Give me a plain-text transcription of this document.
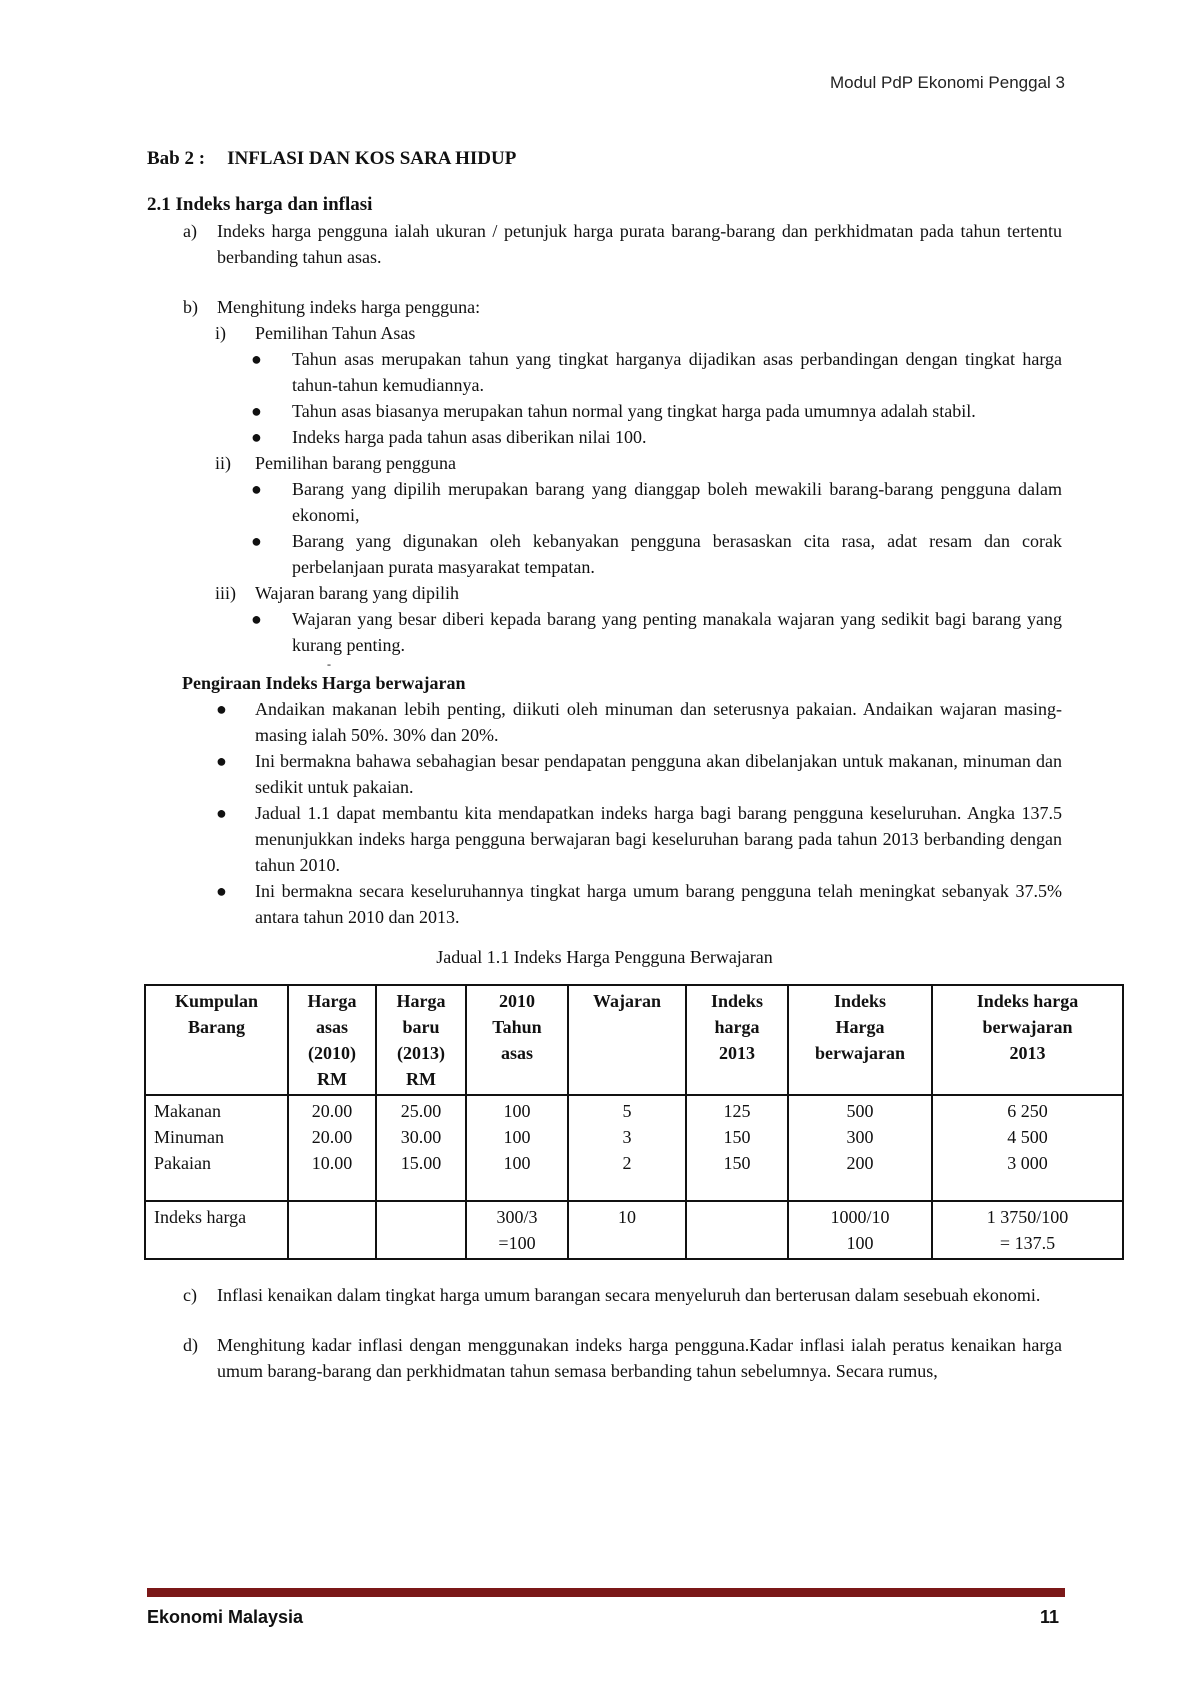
Modul PdP Ekonomi Penggal 3
Bab 2 : INFLASI DAN KOS SARA HIDUP
2.1 Indeks harga dan inflasi
a) Indeks harga pengguna ialah ukuran / petunjuk harga purata barang-barang dan perkhidmatan pada tahun tertentu berbanding tahun asas.
b) Menghitung indeks harga pengguna:
i) Pemilihan Tahun Asas
● Tahun asas merupakan tahun yang tingkat harganya dijadikan asas perbandingan dengan tingkat harga tahun-tahun kemudiannya.
● Tahun asas biasanya merupakan tahun normal yang tingkat harga pada umumnya adalah stabil.
● Indeks harga pada tahun asas diberikan nilai 100.
ii) Pemilihan barang pengguna
● Barang yang dipilih merupakan barang yang dianggap boleh mewakili barang-barang pengguna dalam ekonomi,
● Barang yang digunakan oleh kebanyakan pengguna berasaskan cita rasa, adat resam dan corak perbelanjaan purata masyarakat tempatan.
iii) Wajaran barang yang dipilih
● Wajaran yang besar diberi kepada barang yang penting manakala wajaran yang sedikit bagi barang yang kurang penting.
-
Pengiraan Indeks Harga berwajaran
● Andaikan makanan lebih penting, diikuti oleh minuman dan seterusnya pakaian. Andaikan wajaran masing-masing ialah 50%. 30% dan 20%.
● Ini bermakna bahawa sebahagian besar pendapatan pengguna akan dibelanjakan untuk makanan, minuman dan sedikit untuk pakaian.
● Jadual 1.1 dapat membantu kita mendapatkan indeks harga bagi barang pengguna keseluruhan. Angka 137.5 menunjukkan indeks harga pengguna berwajaran bagi keseluruhan barang pada tahun 2013 berbanding dengan tahun 2010.
● Ini bermakna secara keseluruhannya tingkat harga umum barang pengguna telah meningkat sebanyak 37.5% antara tahun 2010 dan 2013.
Jadual 1.1 Indeks Harga Pengguna Berwajaran
Kumpulan
Barang	Harga
asas
(2010)
RM	Harga
baru
(2013)
RM	2010
Tahun
asas	Wajaran	Indeks
harga
2013	Indeks
Harga
berwajaran	Indeks harga
berwajaran
2013
Makanan
Minuman
Pakaian	20.00
20.00
10.00	25.00
30.00
15.00	100
100
100	5
3
2	125
150
150	500
300
200	6 250
4 500
3 000
Indeks harga			300/3
=100	10		1000/10
100	1 3750/100
= 137.5
c) Inflasi kenaikan dalam tingkat harga umum barangan secara menyeluruh dan berterusan dalam sesebuah ekonomi.
d) Menghitung kadar inflasi dengan menggunakan indeks harga pengguna.Kadar inflasi ialah peratus kenaikan harga umum barang-barang dan perkhidmatan tahun semasa berbanding tahun sebelumnya. Secara rumus,
Ekonomi Malaysia	11
